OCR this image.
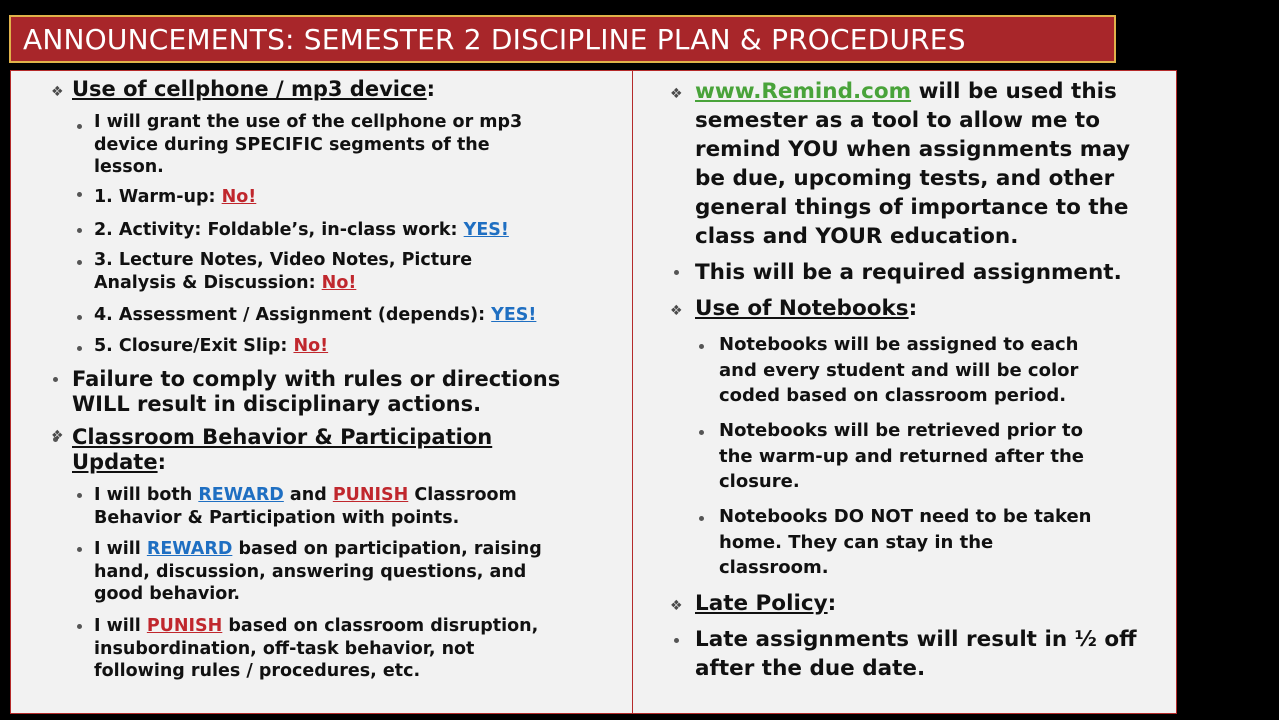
ANNOUNCEMENTS: SEMESTER 2 DISCIPLINE PLAN & PROCEDURES
❖ Use of cellphone / mp3 device:
I will grant the use of the cellphone or mp3
device during SPECIFIC segments of the
lesson.
1. Warm-up: No!
2. Activity: Foldable’s, in-class work: YES!
3. Lecture Notes, Video Notes, Picture
Analysis & Discussion: No!
4. Assessment / Assignment (depends): YES!
5. Closure/Exit Slip: No!
Failure to comply with rules or directions
WILL result in disciplinary actions.
❖ Classroom Behavior & Participation
Update:
I will both REWARD and PUNISH Classroom
Behavior & Participation with points.
I will REWARD based on participation, raising
hand, discussion, answering questions, and
good behavior.
I will PUNISH based on classroom disruption,
insubordination, off-task behavior, not
following rules / procedures, etc.
❖ www.Remind.com will be used this
semester as a tool to allow me to
remind YOU when assignments may
be due, upcoming tests, and other
general things of importance to the
class and YOUR education.
This will be a required assignment.
❖ Use of Notebooks:
Notebooks will be assigned to each
and every student and will be color
coded based on classroom period.
Notebooks will be retrieved prior to
the warm-up and returned after the
closure.
Notebooks DO NOT need to be taken
home. They can stay in the
classroom.
❖ Late Policy:
Late assignments will result in ½ off
after the due date.
